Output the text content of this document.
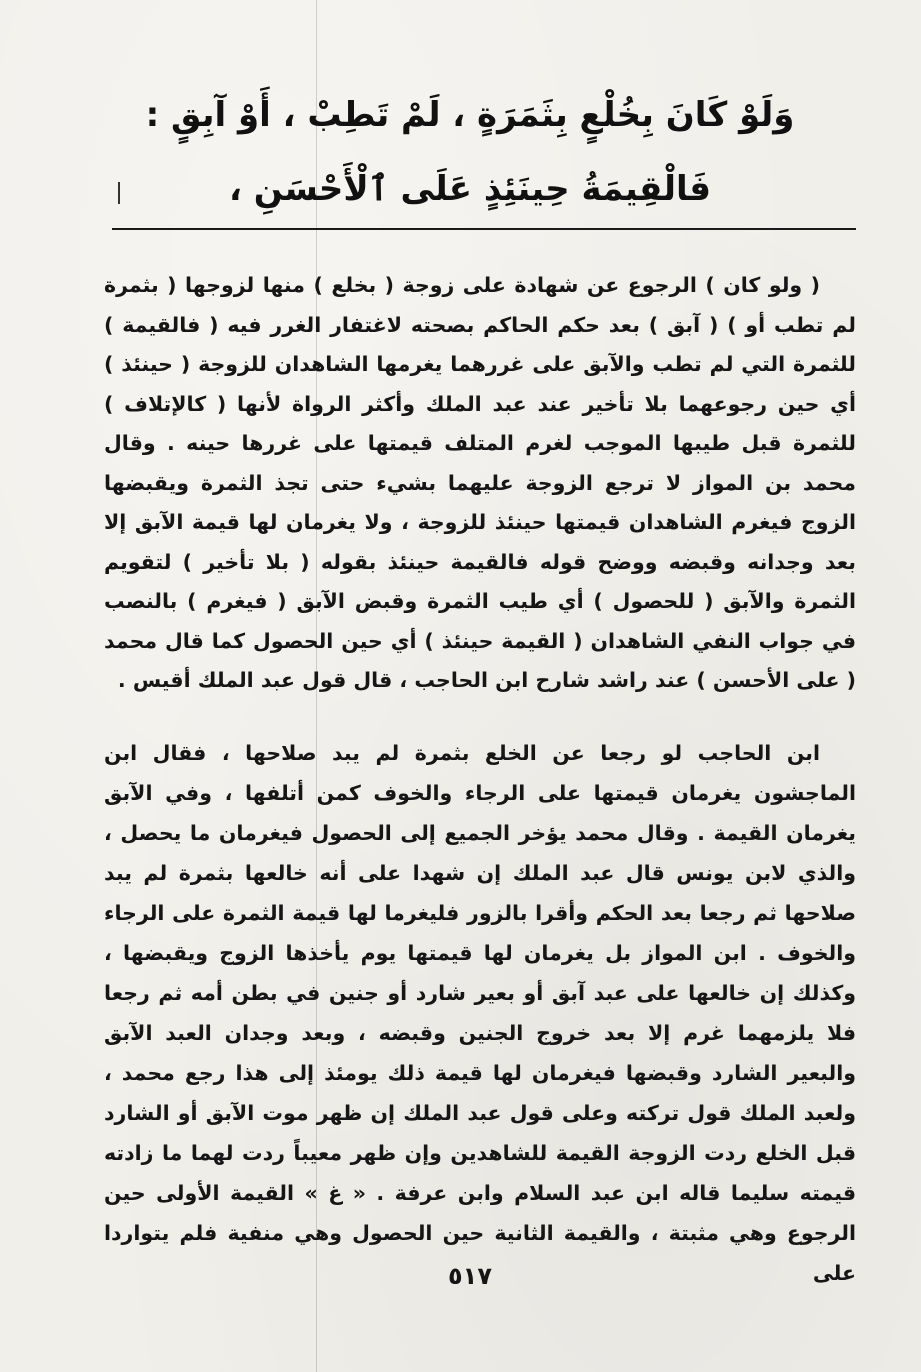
وَلَوْ كَانَ بِخُلْعٍ بِثَمَرَةٍ ، لَمْ تَطِبْ ، أَوْ آبِقٍ : فَالْقِيمَةُ حِينَئِذٍ عَلَى ٱلْأَحْسَنِ ،

( ولو كان ) الرجوع عن شهادة على زوجة ( بخلع ) منها لزوجها ( بثمرة لم تطب أو ) ( آبق ) بعد حكم الحاكم بصحته لاغتفار الغرر فيه ( فالقيمة ) للثمرة التي لم تطب والآبق على غررهما يغرمها الشاهدان للزوجة ( حينئذ ) أي حين رجوعهما بلا تأخير عند عبد الملك وأكثر الرواة لأنها ( كالإتلاف ) للثمرة قبل طيبها الموجب لغرم المتلف قيمتها على غررها حينه . وقال محمد بن المواز لا ترجع الزوجة عليهما بشيء حتى تجذ الثمرة ويقبضها الزوج فيغرم الشاهدان قيمتها حينئذ للزوجة ، ولا يغرمان لها قيمة الآبق إلا بعد وجدانه وقبضه ووضح قوله فالقيمة حينئذ بقوله ( بلا تأخير ) لتقويم الثمرة والآبق ( للحصول ) أي طيب الثمرة وقبض الآبق ( فيغرم ) بالنصب في جواب النفي الشاهدان ( القيمة حينئذ ) أي حين الحصول كما قال محمد ( على الأحسن ) عند راشد شارح ابن الحاجب ، قال قول عبد الملك أقيس .

ابن الحاجب لو رجعا عن الخلع بثمرة لم يبد صلاحها ، فقال ابن الماجشون يغرمان قيمتها على الرجاء والخوف كمن أتلفها ، وفي الآبق يغرمان القيمة . وقال محمد يؤخر الجميع إلى الحصول فيغرمان ما يحصل ، والذي لابن يونس قال عبد الملك إن شهدا على أنه خالعها بثمرة لم يبد صلاحها ثم رجعا بعد الحكم وأقرا بالزور فليغرما لها قيمة الثمرة على الرجاء والخوف . ابن المواز بل يغرمان لها قيمتها يوم يأخذها الزوج ويقبضها ، وكذلك إن خالعها على عبد آبق أو بعير شارد أو جنين في بطن أمه ثم رجعا فلا يلزمهما غرم إلا بعد خروج الجنين وقبضه ، وبعد وجدان العبد الآبق والبعير الشارد وقبضها فيغرمان لها قيمة ذلك يومئذ إلى هذا رجع محمد ، ولعبد الملك قول تركته وعلى قول عبد الملك إن ظهر موت الآبق أو الشارد قبل الخلع ردت الزوجة القيمة للشاهدين وإن ظهر معيباً ردت لهما ما زادته قيمته سليما قاله ابن عبد السلام وابن عرفة . « غ » القيمة الأولى حين الرجوع وهي مثبتة ، والقيمة الثانية حين الحصول وهي منفية فلم يتواردا على

٥١٧
